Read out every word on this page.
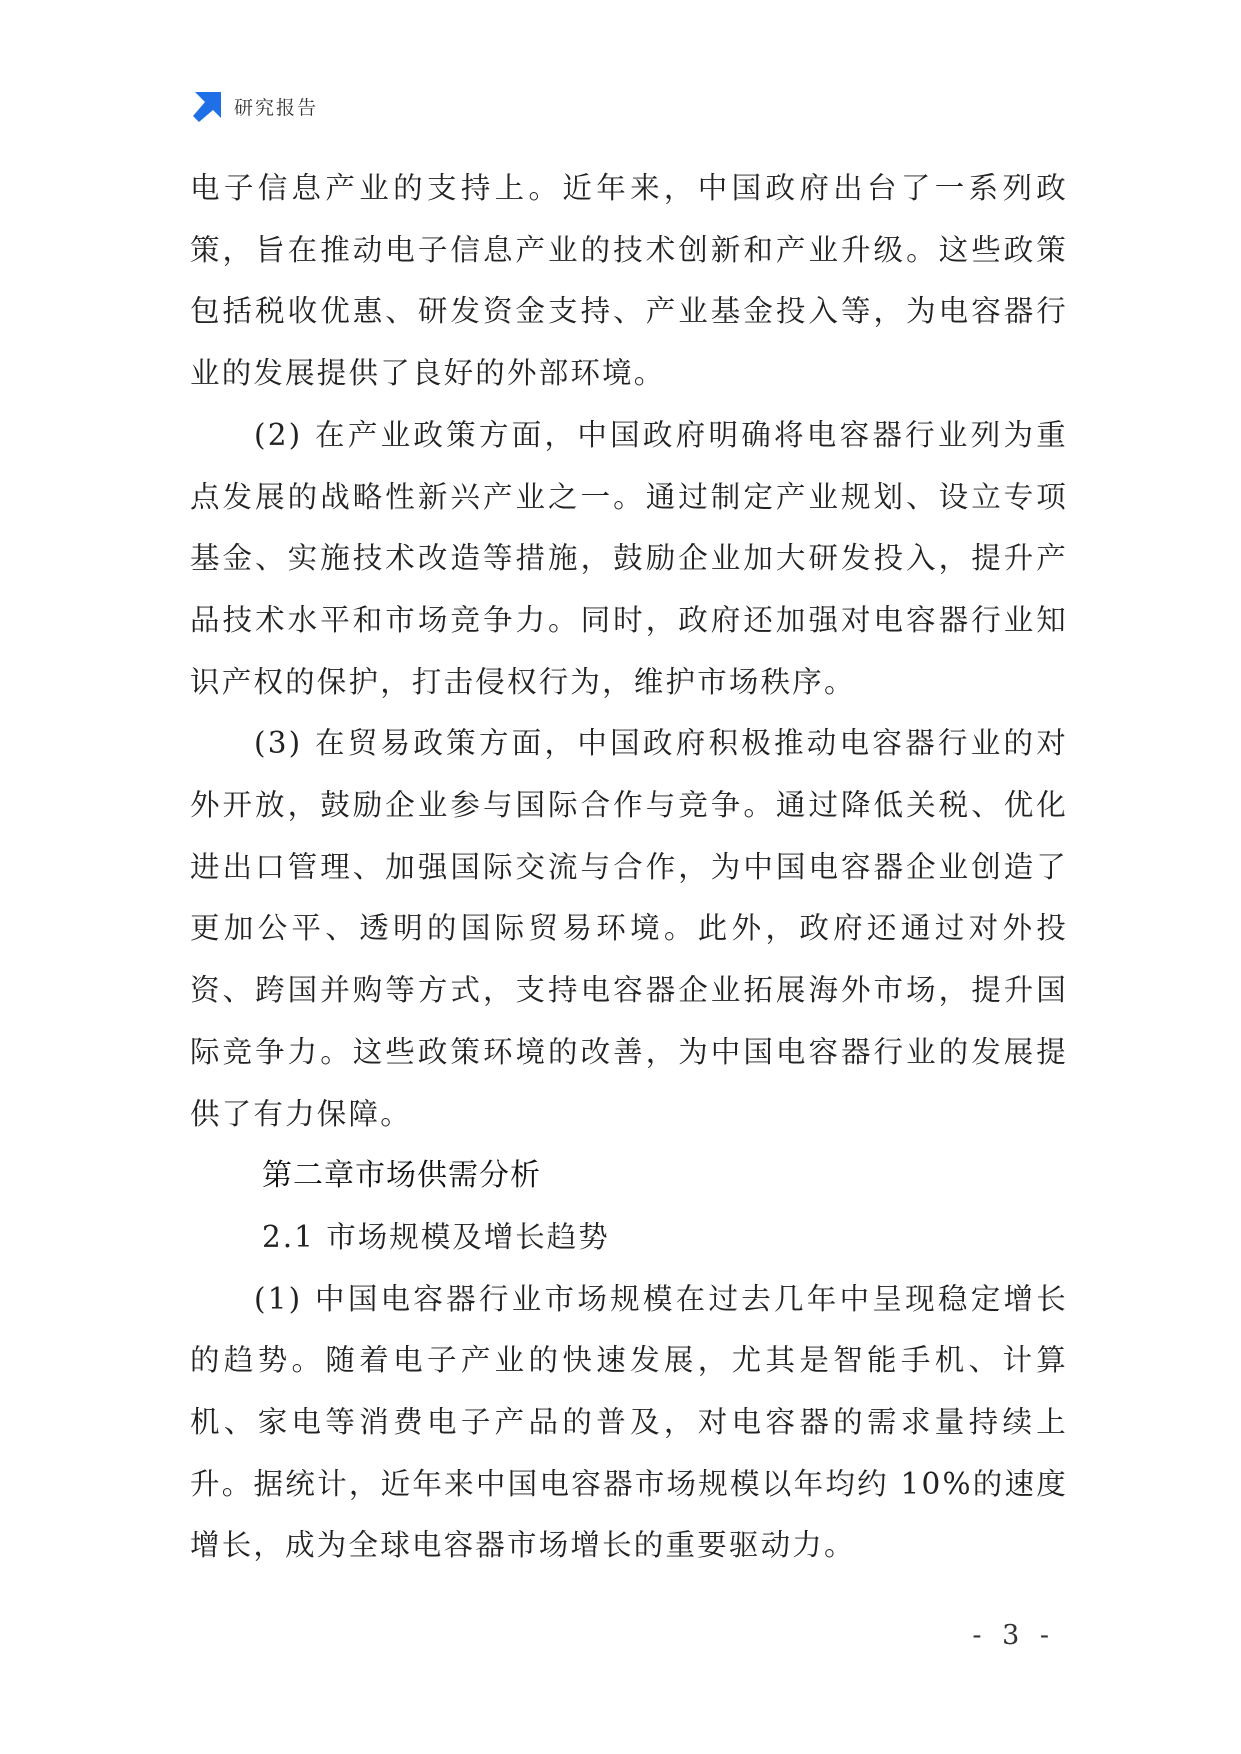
研究报告

电子信息产业的支持上。近年来，中国政府出台了一系列政策，旨在推动电子信息产业的技术创新和产业升级。这些政策包括税收优惠、研发资金支持、产业基金投入等，为电容器行业的发展提供了良好的外部环境。

(2) 在产业政策方面，中国政府明确将电容器行业列为重点发展的战略性新兴产业之一。通过制定产业规划、设立专项基金、实施技术改造等措施，鼓励企业加大研发投入，提升产品技术水平和市场竞争力。同时，政府还加强对电容器行业知识产权的保护，打击侵权行为，维护市场秩序。

(3) 在贸易政策方面，中国政府积极推动电容器行业的对外开放，鼓励企业参与国际合作与竞争。通过降低关税、优化进出口管理、加强国际交流与合作，为中国电容器企业创造了更加公平、透明的国际贸易环境。此外，政府还通过对外投资、跨国并购等方式，支持电容器企业拓展海外市场，提升国际竞争力。这些政策环境的改善，为中国电容器行业的发展提供了有力保障。

第二章市场供需分析
2.1 市场规模及增长趋势

(1) 中国电容器行业市场规模在过去几年中呈现稳定增长的趋势。随着电子产业的快速发展，尤其是智能手机、计算机、家电等消费电子产品的普及，对电容器的需求量持续上升。据统计，近年来中国电容器市场规模以年均约 10%的速度增长，成为全球电容器市场增长的重要驱动力。

- 3 -
